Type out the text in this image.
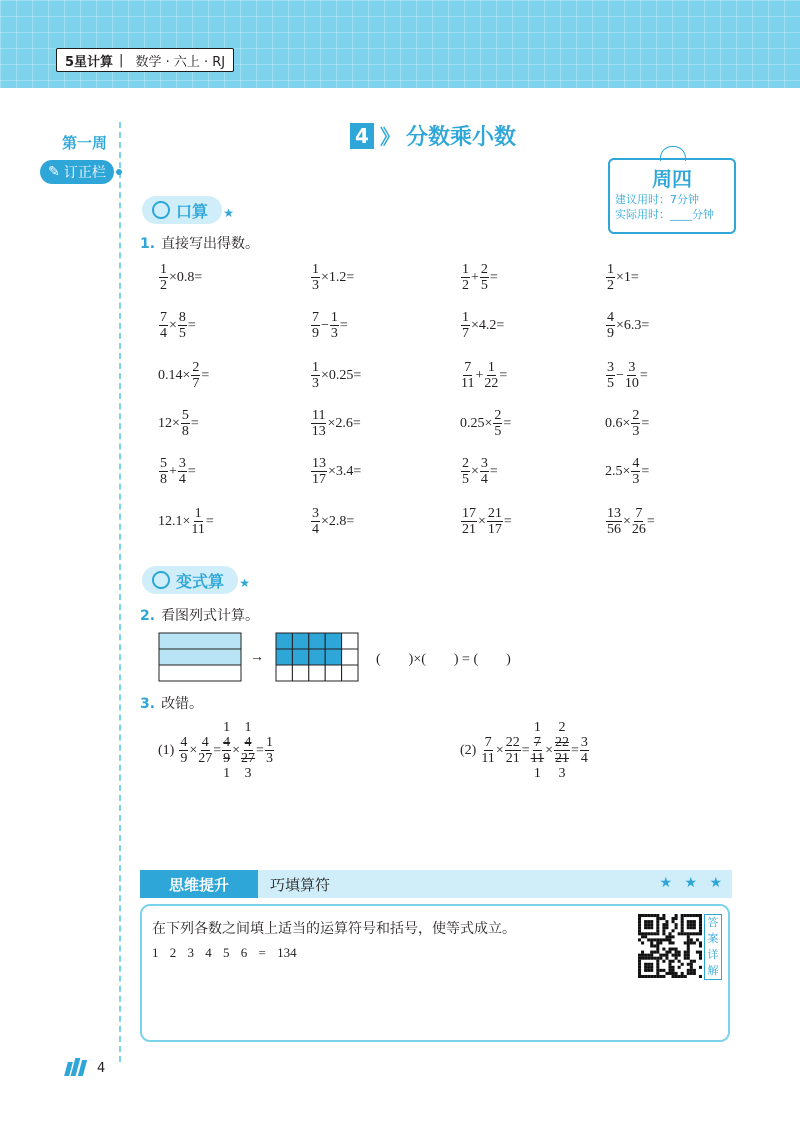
5星计算 | 数学 · 六上 · RJ
第一周
✎ 订正栏
4 》 分数乘小数
周四
建议用时：7分钟
实际用时：____分钟
口算 ★
1. 直接写出得数。
$\frac{1}{2} \times 0.8$ =	$\frac{1}{3} \times 1.2$ =	$\frac{1}{2} + \frac{2}{5}$ =	$\frac{1}{2} \times 1$ =
$\frac{7}{4} \times \frac{8}{5}$ =	$\frac{7}{9} - \frac{1}{3}$ =	$\frac{1}{7} \times 4.2$ =	$\frac{4}{9} \times 6.3$ =
$0.14 \times \frac{2}{7}$ =	$\frac{1}{3} \times 0.25$ =	$\frac{7}{11} + \frac{1}{22}$ =	$\frac{3}{5} - \frac{3}{10}$ =
$12 \times \frac{5}{8}$ =	$\frac{11}{13} \times 2.6$ =	$0.25 \times \frac{2}{5}$ =	$0.6 \times \frac{2}{3}$ =
$\frac{5}{8} + \frac{3}{4}$ =	$\frac{13}{17} \times 3.4$ =	$\frac{2}{5} \times \frac{3}{4}$ =	$2.5 \times \frac{4}{3}$ =
$12.1 \times \frac{1}{11}$ =	$\frac{3}{4} \times 2.8$ =	$\frac{17}{21} \times \frac{21}{17}$ =	$\frac{13}{56} \times \frac{7}{26}$ =
变式算 ★
2. 看图列式计算。
→	(　　)×(　　) = (　　)
3. 改错。
$(1) \frac{4}{9} \times \frac{4}{27}$ =
1
$\frac{4}{9}$
1
×
1
$\frac{4}{27}$
3
= $\frac{1}{3}$	$(2) \frac{7}{11} \times \frac{22}{21}$ =
1
$\frac{7}{11}$
1
×
2
$\frac{22}{21}$
3
= $\frac{3}{4}$
思维提升	巧填算符	★ ★ ★
在下列各数之间填上适当的运算符号和括号，使等式成立。
1 2 3 4 5 6 = 134
答案详解
4
